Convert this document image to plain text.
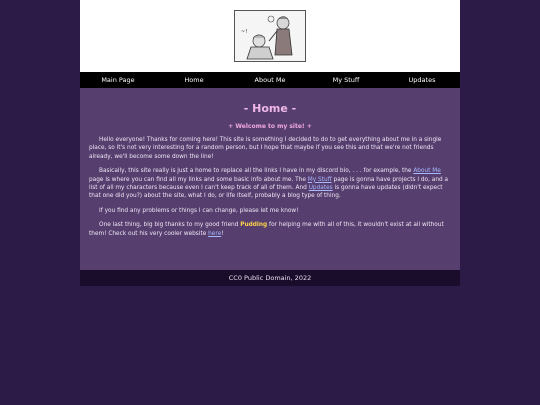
~!
Main Page	Home	About Me	My Stuff	Updates
- Home -
+ Welcome to my site! +

Hello everyone! Thanks for coming here! This site is something I decided to do to get everything about me in a single place, so it's not very interesting for a random person, but I hope that maybe if you see this and that we're not friends already, we'll become some down the line!

Basically, this site really is just a home to replace all the links I have in my discord bio, . . . for example, the About Me page is where you can find all my links and some basic info about me. The My Stuff page is gonna have projects I do, and a list of all my characters because even I can't keep track of all of them. And Updates is gonna have updates (didn't expect that one did you?) about the site, what I do, or life itself, probably a blog type of thing.

If you find any problems or things I can change, please let me know!

One last thing, big big thanks to my good friend Pudding for helping me with all of this, it wouldn't exist at all without them! Check out his very cooler website here!

CC0 Public Domain, 2022
